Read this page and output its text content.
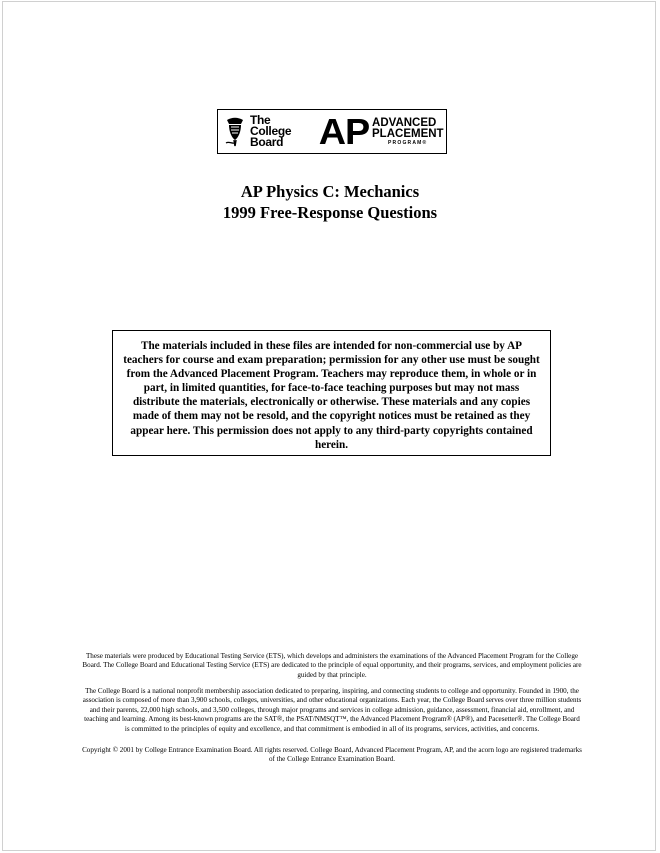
The
College
Board AP ADVANCED
PLACEMENT
PROGRAM®
AP Physics C: Mechanics
1999 Free-Response Questions
The materials included in these files are intended for non-commercial use by AP teachers for course and exam preparation; permission for any other use must be sought from the Advanced Placement Program. Teachers may reproduce them, in whole or in part, in limited quantities, for face-to-face teaching purposes but may not mass distribute the materials, electronically or otherwise. These materials and any copies made of them may not be resold, and the copyright notices must be retained as they appear here. This permission does not apply to any third-party copyrights contained herein.
These materials were produced by Educational Testing Service (ETS), which develops and administers the examinations of the Advanced Placement Program for the College Board. The College Board and Educational Testing Service (ETS) are dedicated to the principle of equal opportunity, and their programs, services, and employment policies are guided by that principle.
The College Board is a national nonprofit membership association dedicated to preparing, inspiring, and connecting students to college and opportunity. Founded in 1900, the association is composed of more than 3,900 schools, colleges, universities, and other educational organizations. Each year, the College Board serves over three million students and their parents, 22,000 high schools, and 3,500 colleges, through major programs and services in college admission, guidance, assessment, financial aid, enrollment, and teaching and learning. Among its best-known programs are the SAT®, the PSAT/NMSQT™, the Advanced Placement Program® (AP®), and Pacesetter®. The College Board is committed to the principles of equity and excellence, and that commitment is embodied in all of its programs, services, activities, and concerns.
Copyright © 2001 by College Entrance Examination Board. All rights reserved. College Board, Advanced Placement Program, AP, and the acorn logo are registered trademarks of the College Entrance Examination Board.
